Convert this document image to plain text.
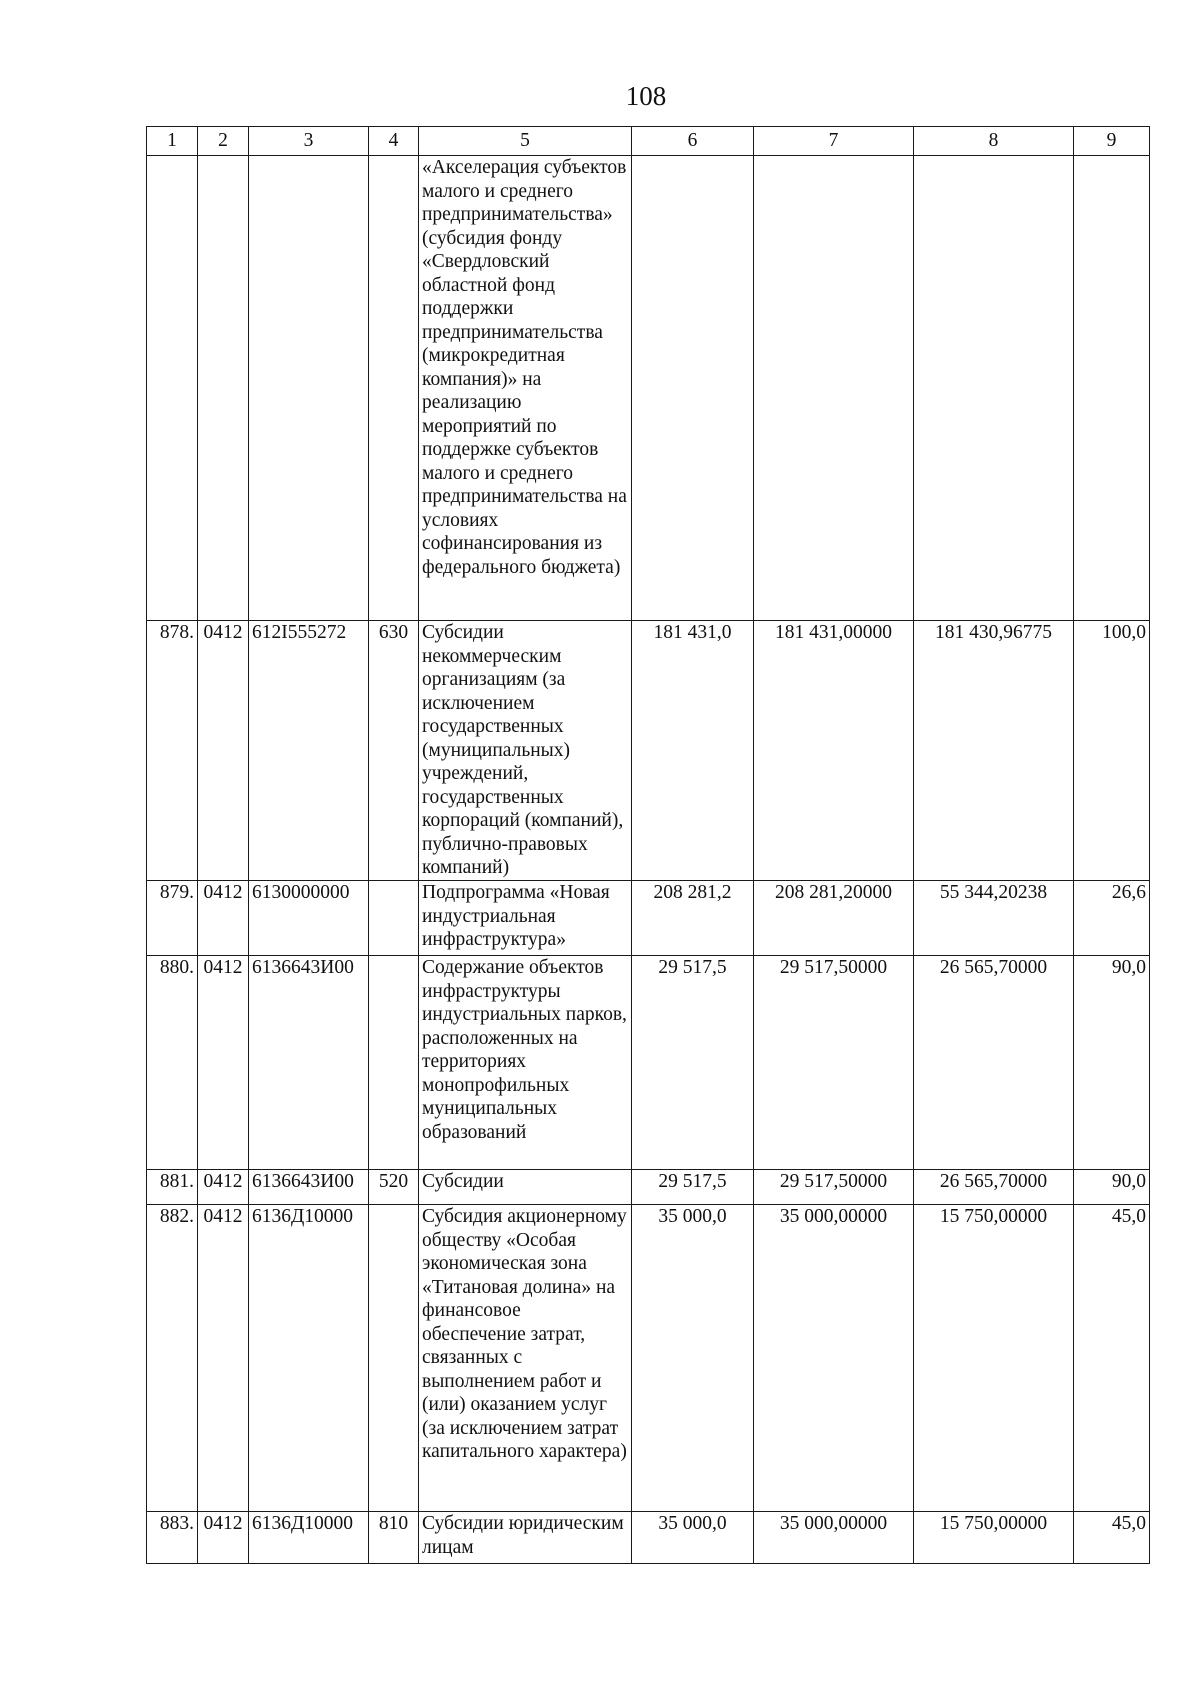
108
1	2	3	4	5	6	7	8	9
				«Акселерация субъектов малого и среднего предпринимательства» (субсидия фонду «Свердловский областной фонд поддержки предпринимательства (микрокредитная компания)» на реализацию мероприятий по поддержке субъектов малого и среднего предпринимательства на условиях софинансирования из федерального бюджета)				
878.	0412	612I555272	630	Субсидии некоммерческим организациям (за исключением государственных (муниципальных) учреждений, государственных корпораций (компаний), публично-правовых компаний)	181 431,0	181 431,00000	181 430,96775	100,0
879.	0412	6130000000		Подпрограмма «Новая индустриальная инфраструктура»	208 281,2	208 281,20000	55 344,20238	26,6
880.	0412	6136643И00		Содержание объектов инфраструктуры индустриальных парков, расположенных на территориях монопрофильных муниципальных образований	29 517,5	29 517,50000	26 565,70000	90,0
881.	0412	6136643И00	520	Субсидии	29 517,5	29 517,50000	26 565,70000	90,0
882.	0412	6136Д10000		Субсидия акционерному обществу «Особая экономическая зона «Титановая долина» на финансовое обеспечение затрат, связанных с выполнением работ и (или) оказанием услуг (за исключением затрат капитального характера)	35 000,0	35 000,00000	15 750,00000	45,0
883.	0412	6136Д10000	810	Субсидии юридическим лицам	35 000,0	35 000,00000	15 750,00000	45,0
